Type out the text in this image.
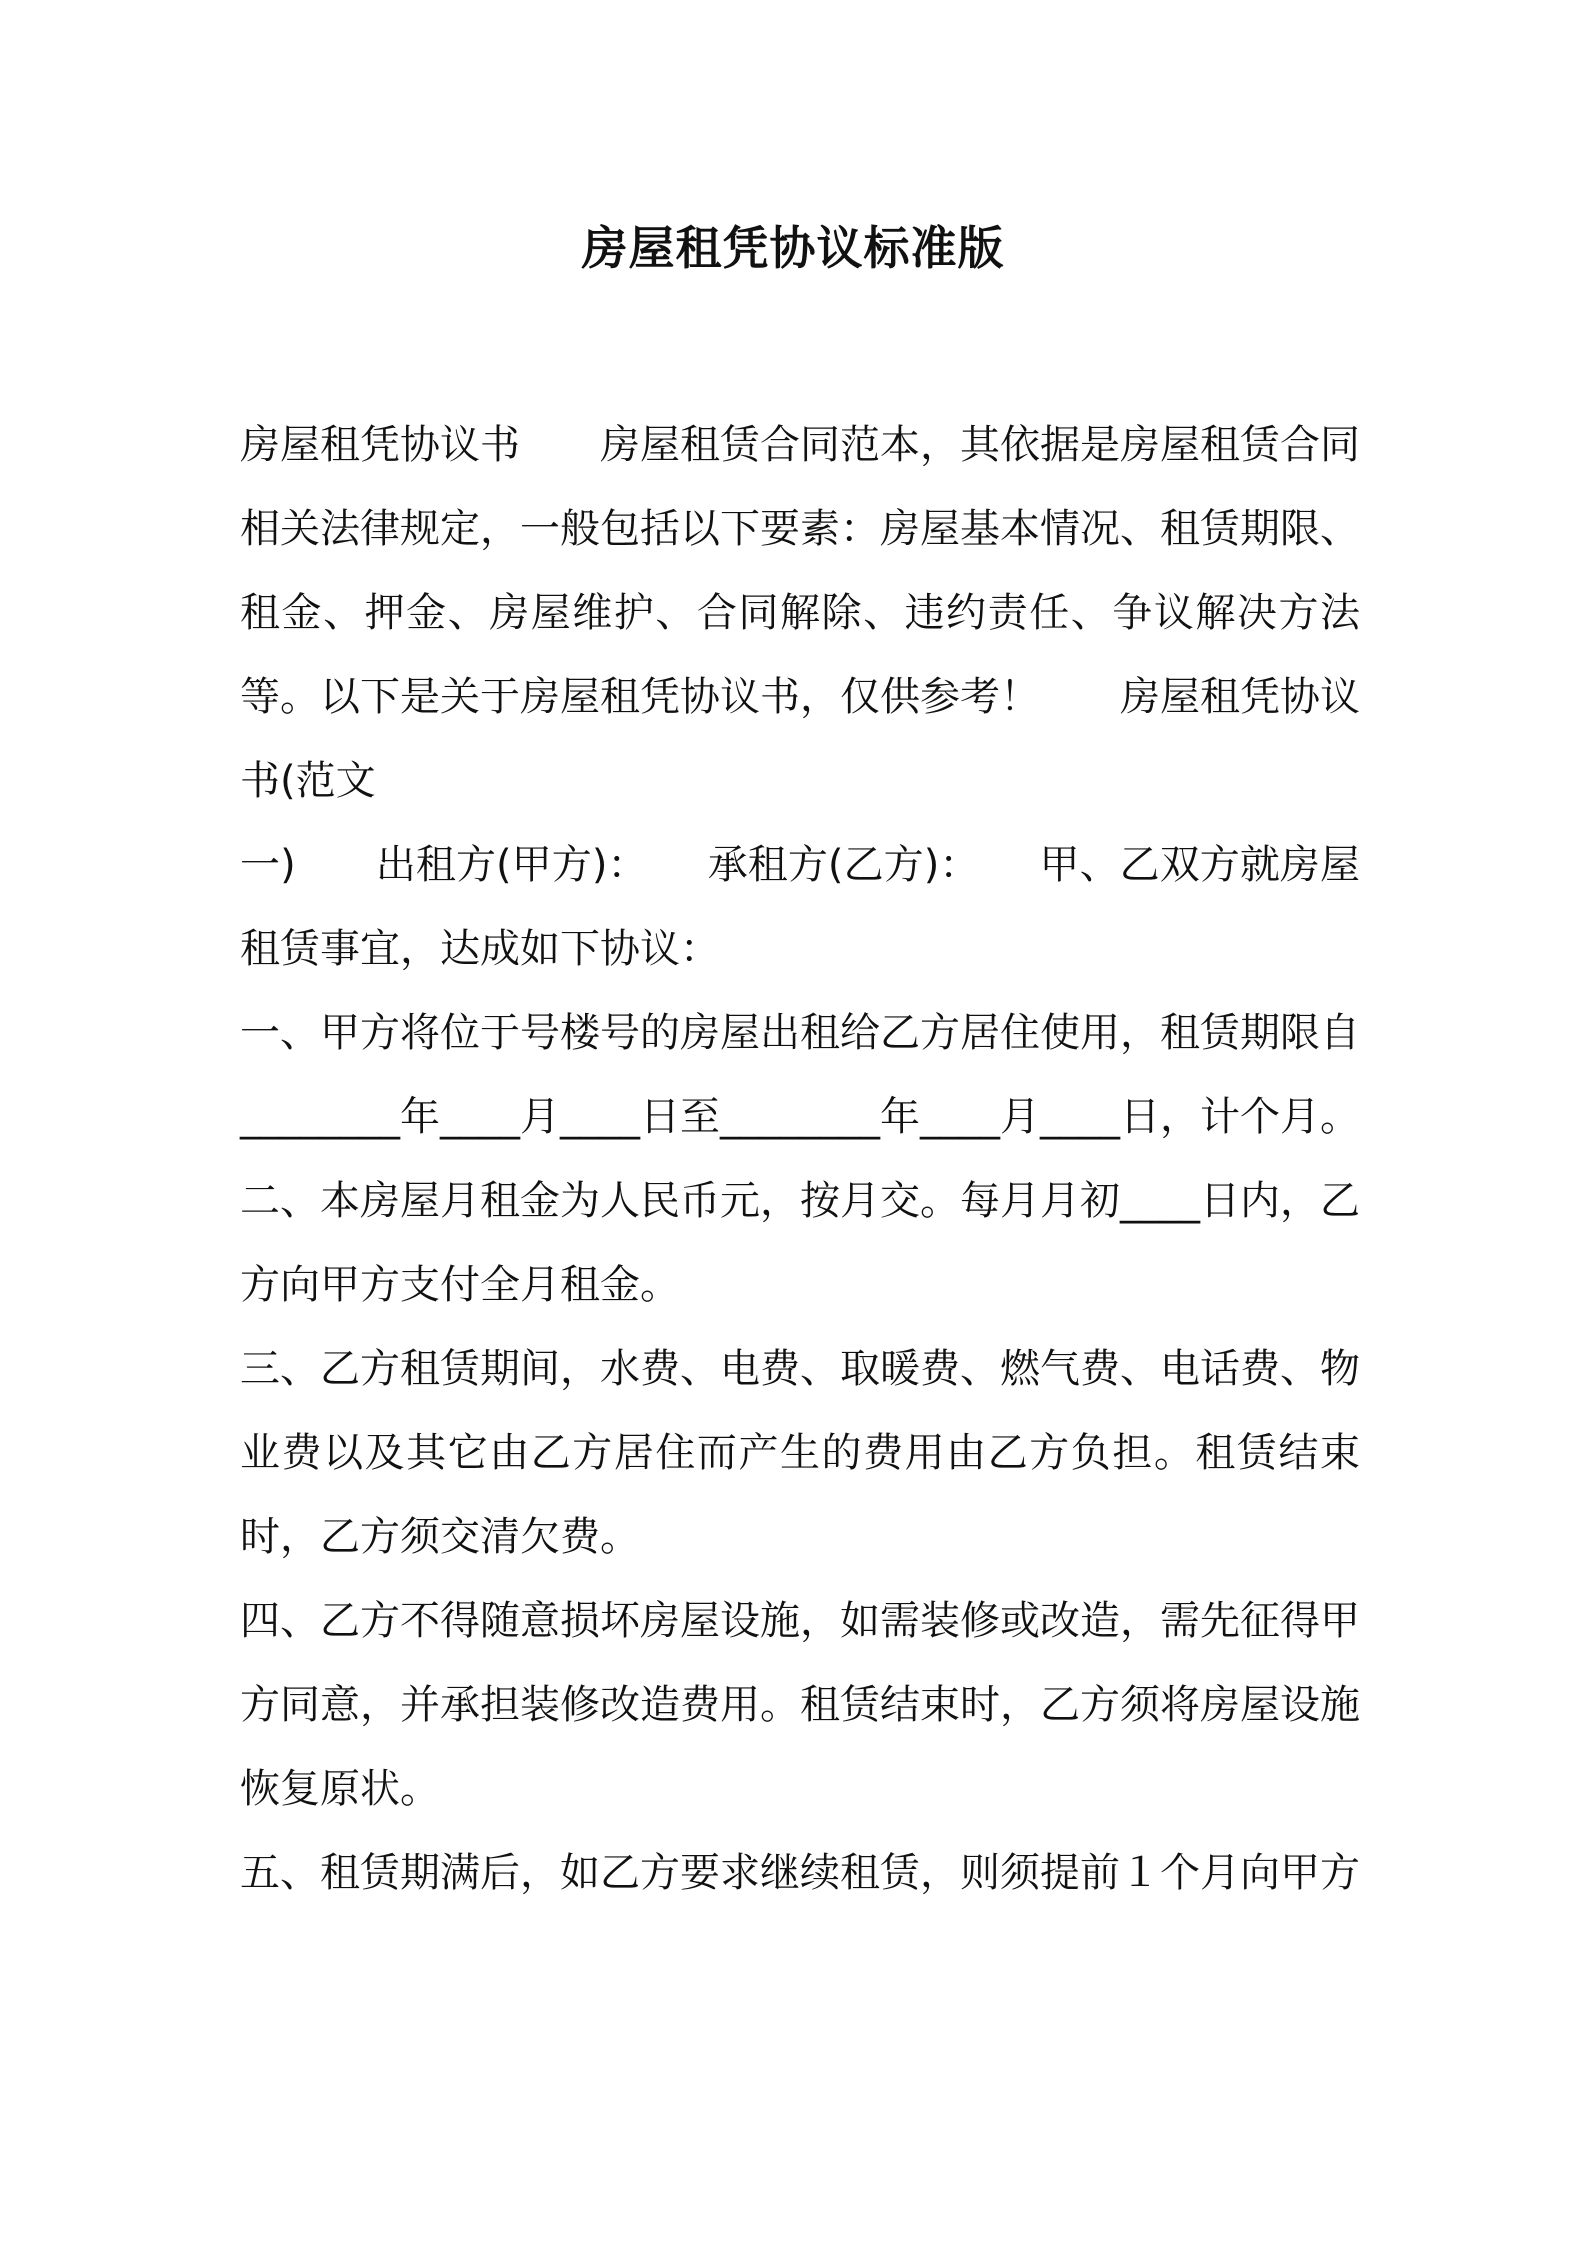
房屋租凭协议标准版

房屋租凭协议书　　房屋租赁合同范本，其依据是房屋租赁合同相关法律规定，一般包括以下要素：房屋基本情况、租赁期限、租金、押金、房屋维护、合同解除、违约责任、争议解决方法等。以下是关于房屋租凭协议书，仅供参考！　　房屋租凭协议书(范文

一)　　出租方(甲方)：　　承租方(乙方)：　　甲、乙双方就房屋租赁事宜，达成如下协议：

一、甲方将位于号楼号的房屋出租给乙方居住使用，租赁期限自________年____月____日至________年____月____日，计个月。

二、本房屋月租金为人民币元，按月交。每月月初____日内，乙方向甲方支付全月租金。

三、乙方租赁期间，水费、电费、取暖费、燃气费、电话费、物业费以及其它由乙方居住而产生的费用由乙方负担。租赁结束时，乙方须交清欠费。

四、乙方不得随意损坏房屋设施，如需装修或改造，需先征得甲方同意，并承担装修改造费用。租赁结束时，乙方须将房屋设施恢复原状。

五、租赁期满后，如乙方要求继续租赁，则须提前１个月向甲方
